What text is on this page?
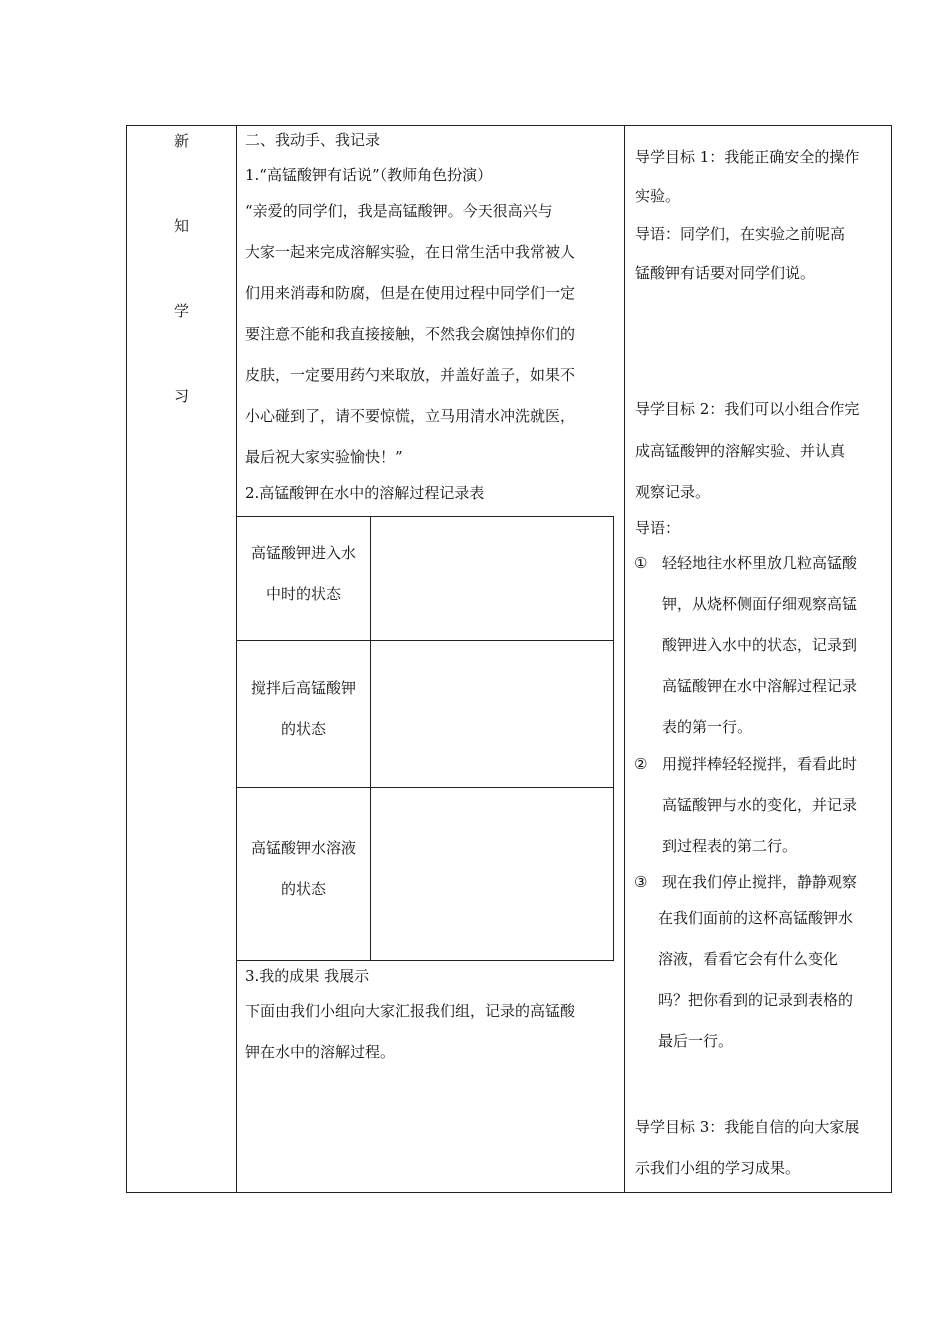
新
知
学
习
二、我动手、我记录
1.“高锰酸钾有话说”（教师角色扮演）
“亲爱的同学们，我是高锰酸钾。今天很高兴与
大家一起来完成溶解实验，在日常生活中我常被人
们用来消毒和防腐，但是在使用过程中同学们一定
要注意不能和我直接接触，不然我会腐蚀掉你们的
皮肤，一定要用药勺来取放，并盖好盖子，如果不
小心碰到了，请不要惊慌，立马用清水冲洗就医，
最后祝大家实验愉快！”
2.高锰酸钾在水中的溶解过程记录表
3.我的成果 我展示
下面由我们小组向大家汇报我们组，记录的高锰酸
钾在水中的溶解过程。
导学目标 1：我能正确安全的操作
实验。
导语：同学们，在实验之前呢高
锰酸钾有话要对同学们说。
导学目标 2：我们可以小组合作完
成高锰酸钾的溶解实验、并认真
观察记录。
导语：
① 轻轻地往水杯里放几粒高锰酸
钾，从烧杯侧面仔细观察高锰
酸钾进入水中的状态，记录到
高锰酸钾在水中溶解过程记录
表的第一行。
② 用搅拌棒轻轻搅拌，看看此时
高锰酸钾与水的变化，并记录
到过程表的第二行。
③ 现在我们停止搅拌，静静观察
在我们面前的这杯高锰酸钾水
溶液，看看它会有什么变化
吗？把你看到的记录到表格的
最后一行。
导学目标 3：我能自信的向大家展
示我们小组的学习成果。
高锰酸钾进入水
中时的状态
搅拌后高锰酸钾
的状态
高锰酸钾水溶液
的状态
